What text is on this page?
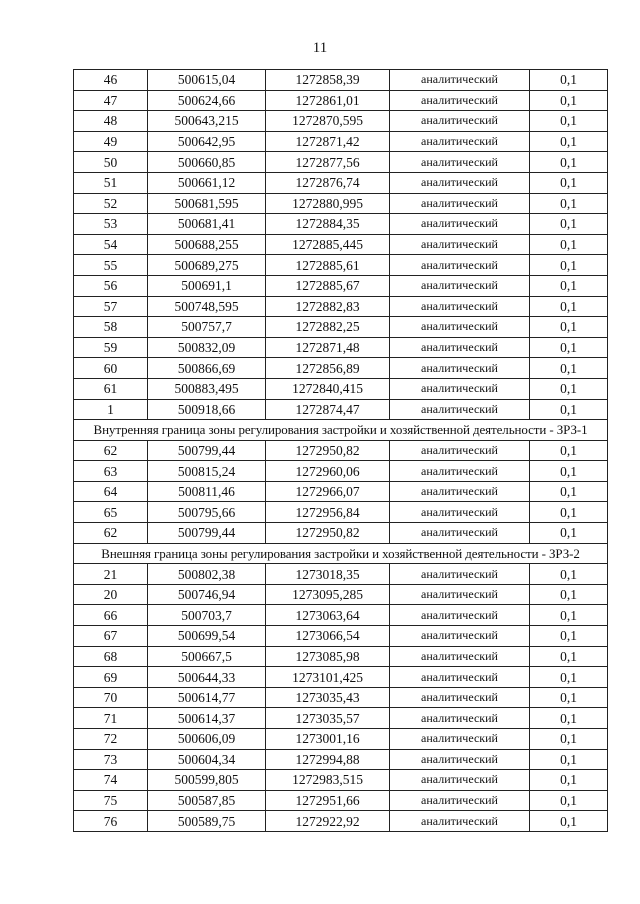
11
46	500615,04	1272858,39	аналитический	0,1
47	500624,66	1272861,01	аналитический	0,1
48	500643,215	1272870,595	аналитический	0,1
49	500642,95	1272871,42	аналитический	0,1
50	500660,85	1272877,56	аналитический	0,1
51	500661,12	1272876,74	аналитический	0,1
52	500681,595	1272880,995	аналитический	0,1
53	500681,41	1272884,35	аналитический	0,1
54	500688,255	1272885,445	аналитический	0,1
55	500689,275	1272885,61	аналитический	0,1
56	500691,1	1272885,67	аналитический	0,1
57	500748,595	1272882,83	аналитический	0,1
58	500757,7	1272882,25	аналитический	0,1
59	500832,09	1272871,48	аналитический	0,1
60	500866,69	1272856,89	аналитический	0,1
61	500883,495	1272840,415	аналитический	0,1
1	500918,66	1272874,47	аналитический	0,1
Внутренняя граница зоны регулирования застройки и хозяйственной деятельности - ЗРЗ-1				
62	500799,44	1272950,82	аналитический	0,1
63	500815,24	1272960,06	аналитический	0,1
64	500811,46	1272966,07	аналитический	0,1
65	500795,66	1272956,84	аналитический	0,1
62	500799,44	1272950,82	аналитический	0,1
Внешняя граница зоны регулирования застройки и хозяйственной деятельности - ЗРЗ-2				
21	500802,38	1273018,35	аналитический	0,1
20	500746,94	1273095,285	аналитический	0,1
66	500703,7	1273063,64	аналитический	0,1
67	500699,54	1273066,54	аналитический	0,1
68	500667,5	1273085,98	аналитический	0,1
69	500644,33	1273101,425	аналитический	0,1
70	500614,77	1273035,43	аналитический	0,1
71	500614,37	1273035,57	аналитический	0,1
72	500606,09	1273001,16	аналитический	0,1
73	500604,34	1272994,88	аналитический	0,1
74	500599,805	1272983,515	аналитический	0,1
75	500587,85	1272951,66	аналитический	0,1
76	500589,75	1272922,92	аналитический	0,1
